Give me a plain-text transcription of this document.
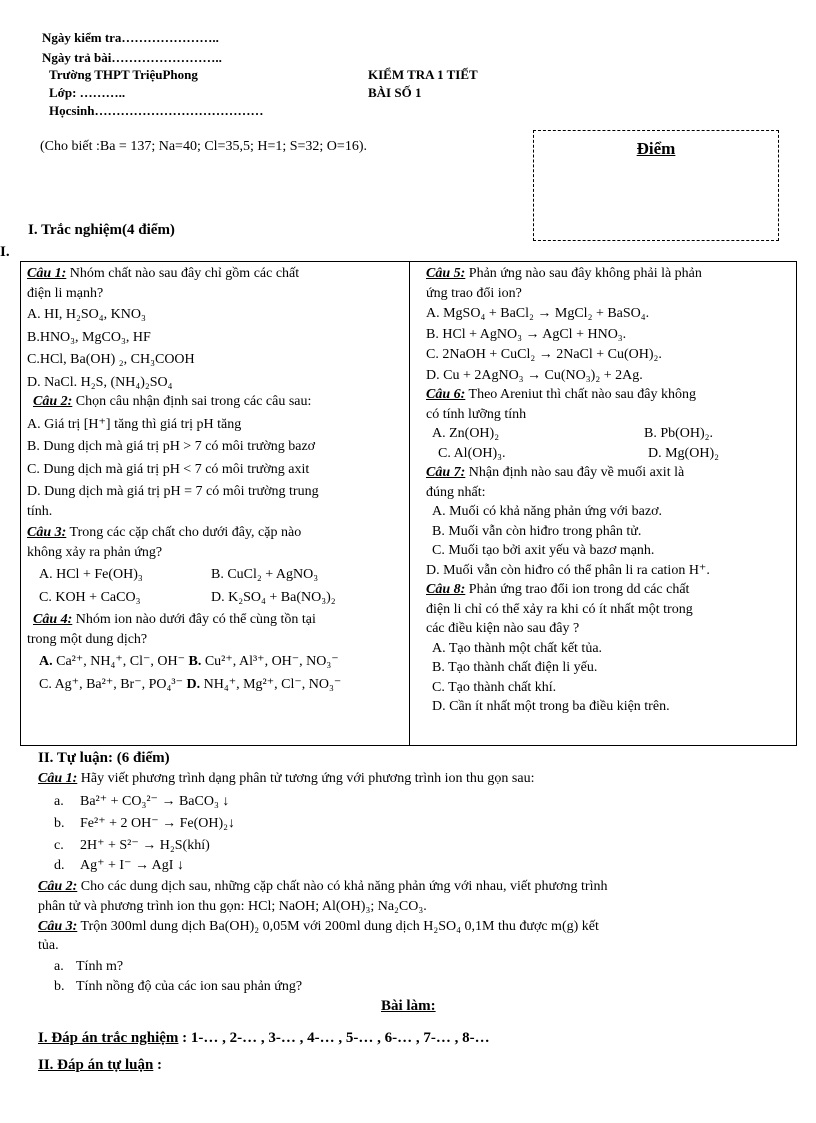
Ngày kiểm tra…………………..
Ngày trả bài……………………..
Trường THPT TriệuPhong
Lớp: ………..
Họcsinh…………………………………
KIỂM TRA 1 TIẾT
BÀI SỐ 1
(Cho biết :Ba = 137; Na=40; Cl=35,5; H=1; S=32; O=16).	Điểm
I. Trắc nghiệm(4 điểm)
I.
Câu 1: Nhóm chất nào sau đây chỉ gồm các chất
điện li mạnh?
A. HI, H₂SO₄, KNO₃
B.HNO₃, MgCO₃, HF
C.HCl, Ba(OH) ₂, CH₃COOH
D. NaCl. H₂S, (NH₄)₂SO₄
Câu 2: Chọn câu nhận định sai trong các câu sau:
A. Giá trị [H⁺] tăng thì giá trị pH tăng
B. Dung dịch mà giá trị pH > 7 có môi trường bazơ
C. Dung dịch mà giá trị pH < 7 có môi trường axit
D. Dung dịch mà giá trị pH = 7 có môi trường trung
tính.
Câu 3: Trong các cặp chất cho dưới đây, cặp nào
không xảy ra phản ứng?
A. HCl + Fe(OH)₃	B. CuCl₂ + AgNO₃
C. KOH + CaCO₃	D. K₂SO₄ + Ba(NO₃)₂
Câu 4: Nhóm ion nào dưới đây có thể cùng tồn tại
trong một dung dịch?
A. Ca²⁺, NH₄⁺, Cl⁻, OH⁻ B. Cu²⁺, Al³⁺, OH⁻, NO₃⁻
C. Ag⁺, Ba²⁺, Br⁻, PO₄³⁻ D. NH₄⁺, Mg²⁺, Cl⁻, NO₃⁻
Câu 5: Phản ứng nào sau đây không phải là phản
ứng trao đổi ion?
A. MgSO₄ + BaCl₂ → MgCl₂ + BaSO₄.
B. HCl + AgNO₃ → AgCl + HNO₃.
C. 2NaOH + CuCl₂ → 2NaCl + Cu(OH)₂.
D. Cu + 2AgNO₃ → Cu(NO₃)₂ + 2Ag.
Câu 6: Theo Areniut thì chất nào sau đây không
có tính lưỡng tính
A. Zn(OH)₂	B. Pb(OH)₂.
C. Al(OH)₃.	D. Mg(OH)₂
Câu 7: Nhận định nào sau đây về muối axit là
đúng nhất:
A. Muối có khả năng phản ứng với bazơ.
B. Muối vẫn còn hiđro trong phân tử.
C. Muối tạo bởi axit yếu và bazơ mạnh.
D. Muối vẫn còn hiđro có thể phân li ra cation H⁺.
Câu 8: Phản ứng trao đổi ion trong dd các chất
điện li chỉ có thể xảy ra khi có ít nhất một trong
các điều kiện nào sau đây ?
A. Tạo thành một chất kết tủa.
B. Tạo thành chất điện li yếu.
C. Tạo thành chất khí.
D. Cần ít nhất một trong ba điều kiện trên.
II. Tự luận: (6 điểm)
Câu 1: Hãy viết phương trình dạng phân tử tương ứng với phương trình ion thu gọn sau:
a. Ba²⁺ + CO₃²⁻ → BaCO₃ ↓
b. Fe²⁺ + 2 OH⁻ → Fe(OH)₂↓
c. 2H⁺ + S²⁻ → H₂S(khí)
d. Ag⁺ + I⁻ → AgI ↓
Câu 2: Cho các dung dịch sau, những cặp chất nào có khả năng phản ứng với nhau, viết phương trình
phân tử và phương trình ion thu gọn: HCl; NaOH; Al(OH)₃; Na₂CO₃.
Câu 3: Trộn 300ml dung dịch Ba(OH)₂ 0,05M với 200ml dung dịch H₂SO₄ 0,1M thu được m(g) kết
tủa.
a. Tính m?
b. Tính nồng độ của các ion sau phản ứng?
Bài làm:
I. Đáp án trắc nghiệm : 1-… , 2-… , 3-… , 4-… , 5-… , 6-… , 7-… , 8-…
II. Đáp án tự luận :
